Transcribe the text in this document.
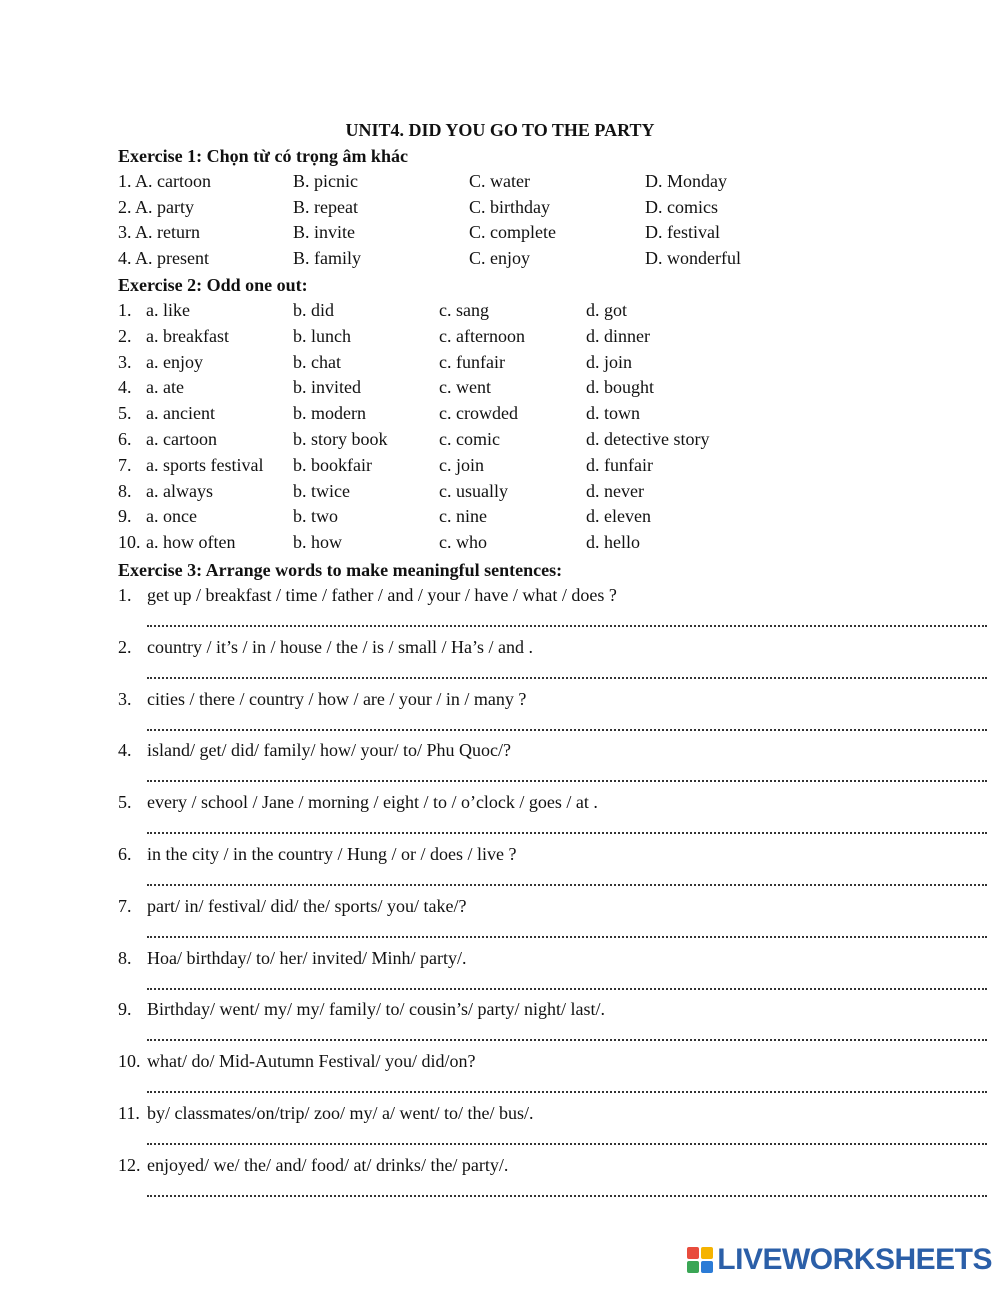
UNIT4. DID YOU GO TO THE PARTY
Exercise 1: Chọn từ có trọng âm khác
1. A. cartoon	B. picnic	C. water	D. Monday
2. A. party	B. repeat	C. birthday	D. comics
3. A. return	B. invite	C. complete	D. festival
4. A. present	B. family	C. enjoy	D. wonderful
Exercise 2: Odd one out:
1. a. like	b. did	c. sang	d. got
2. a. breakfast	b. lunch	c. afternoon	d. dinner
3. a. enjoy	b. chat	c. funfair	d. join
4. a. ate	b. invited	c. went	d. bought
5. a. ancient	b. modern	c. crowded	d. town
6. a. cartoon	b. story book	c. comic	d. detective story
7. a. sports festival b. bookfair	c. join	d. funfair
8. a. always	b. twice	c. usually	d. never
9. a. once	b. two	c. nine	d. eleven
10. a. how often	b. how	c. who	d. hello
Exercise 3: Arrange words to make meaningful sentences:
1. get up / breakfast / time / father / and / your / have / what / does ?
2. country / it’s / in / house / the / is / small / Ha’s / and .
3. cities / there / country / how / are / your / in / many ?
4. island/ get/ did/ family/ how/ your/ to/ Phu Quoc/?
5. every / school / Jane / morning / eight / to / o’clock / goes / at .
6. in the city / in the country / Hung / or / does / live ?
7. part/ in/ festival/ did/ the/ sports/ you/ take/?
8. Hoa/ birthday/ to/ her/ invited/ Minh/ party/.
9. Birthday/ went/ my/ my/ family/ to/ cousin’s/ party/ night/ last/.
10. what/ do/ Mid-Autumn Festival/ you/ did/on?
11. by/ classmates/on/trip/ zoo/ my/ a/ went/ to/ the/ bus/.
12. enjoyed/ we/ the/ and/ food/ at/ drinks/ the/ party/.
LIVEWORKSHEETS
